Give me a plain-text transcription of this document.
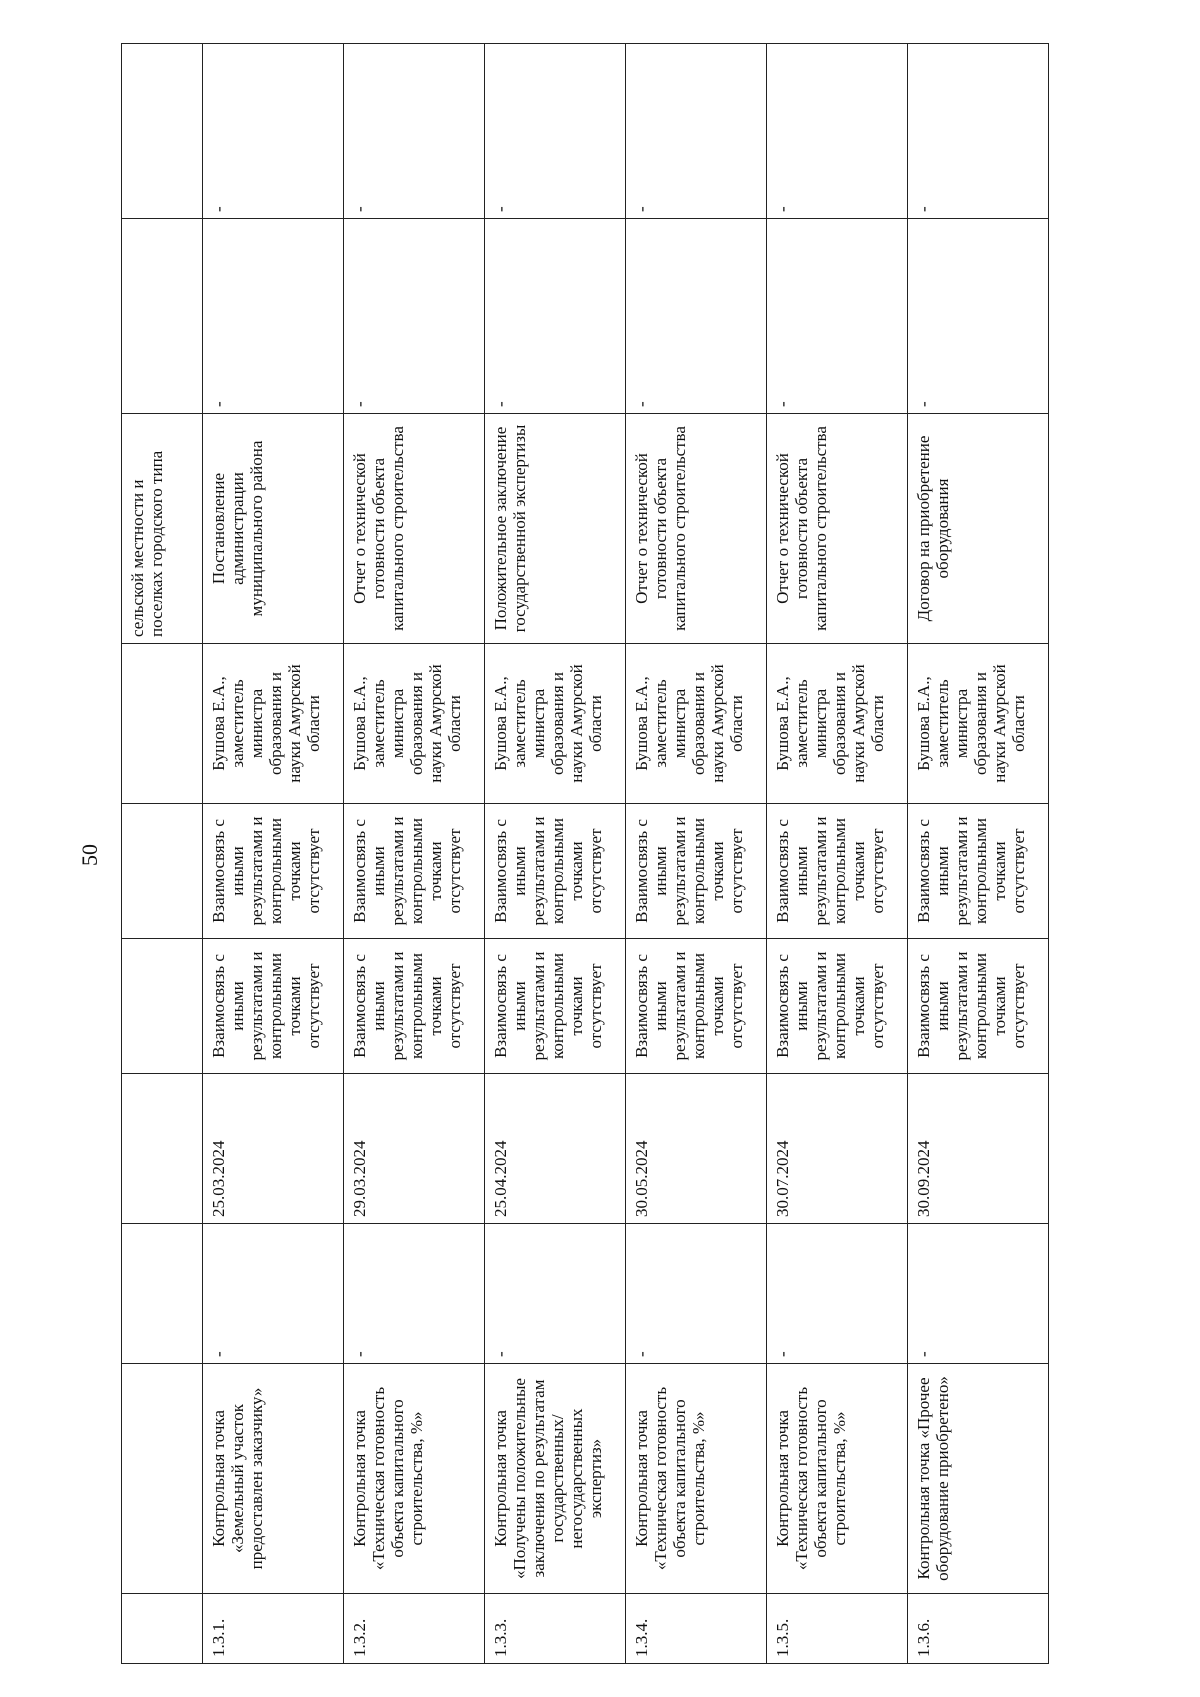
50
							сельской местности и поселках городского типа		
1.3.1.	Контрольная точка «Земельный участок предоставлен заказчику»	-	25.03.2024	Взаимосвязь с иными результатами и контрольными точками отсутствует	Взаимосвязь с иными результатами и контрольными точками отсутствует	Бушова Е.А., заместитель министра образования и науки Амурской области	Постановление администрации муниципального района	-	-
1.3.2.	Контрольная точка «Техническая готовность объекта капитального строительства, %»	-	29.03.2024	Взаимосвязь с иными результатами и контрольными точками отсутствует	Взаимосвязь с иными результатами и контрольными точками отсутствует	Бушова Е.А., заместитель министра образования и науки Амурской области	Отчет о технической готовности объекта капитального строительства	-	-
1.3.3.	Контрольная точка «Получены положительные заключения по результатам государственных/негосударственных экспертиз»	-	25.04.2024	Взаимосвязь с иными результатами и контрольными точками отсутствует	Взаимосвязь с иными результатами и контрольными точками отсутствует	Бушова Е.А., заместитель министра образования и науки Амурской области	Положительное заключение государственной экспертизы	-	-
1.3.4.	Контрольная точка «Техническая готовность объекта капитального строительства, %»	-	30.05.2024	Взаимосвязь с иными результатами и контрольными точками отсутствует	Взаимосвязь с иными результатами и контрольными точками отсутствует	Бушова Е.А., заместитель министра образования и науки Амурской области	Отчет о технической готовности объекта капитального строительства	-	-
1.3.5.	Контрольная точка «Техническая готовность объекта капитального строительства, %»	-	30.07.2024	Взаимосвязь с иными результатами и контрольными точками отсутствует	Взаимосвязь с иными результатами и контрольными точками отсутствует	Бушова Е.А., заместитель министра образования и науки Амурской области	Отчет о технической готовности объекта капитального строительства	-	-
1.3.6.	Контрольная точка «Прочее оборудование приобретено»	-	30.09.2024	Взаимосвязь с иными результатами и контрольными точками отсутствует	Взаимосвязь с иными результатами и контрольными точками отсутствует	Бушова Е.А., заместитель министра образования и науки Амурской области	Договор на приобретение оборудования	-	-
